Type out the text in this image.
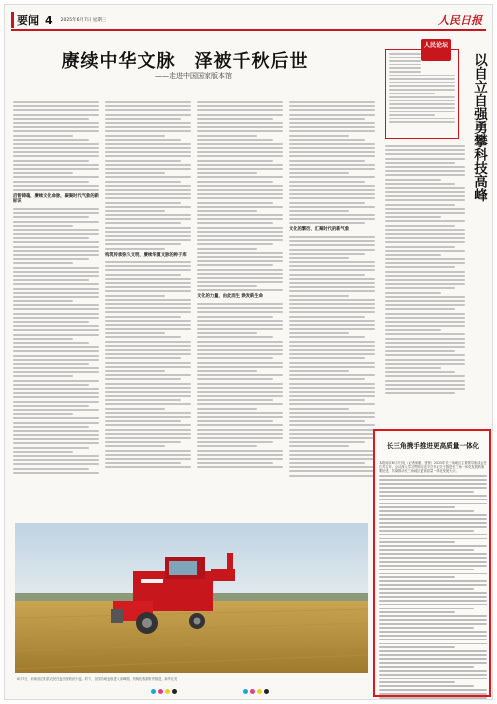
要闻 4 2025年6月7日 星期三	人民日报
赓续中华文脉　泽被千秋后世
——走进中国国家版本馆
启智铸魂，赓续文化命脉，凝聚时代气象的新标识
构筑传承弥久文明，赓续华夏文脉的种子库
文化的力量，由此而生 焕发新生命
文化的繁衍、汇聚时代的新气象
人民论坛
以自立自强勇攀科技高峰
6月7日，河南省正阳县农民在麦田里收获小麦。时下，全国各地麦收进入高峰期，机械化收割有序推进。新华社发
长三角携手推进更高质量一体化
本报南京6月7日电（记者何聪、张锐）2025年长三角地区主要领导座谈会在江苏召开。会议深入学习贯彻习近平总书记关于推进长三角一体化发展的重要论述，共商推动长三角地区更高质量一体化发展大计。
